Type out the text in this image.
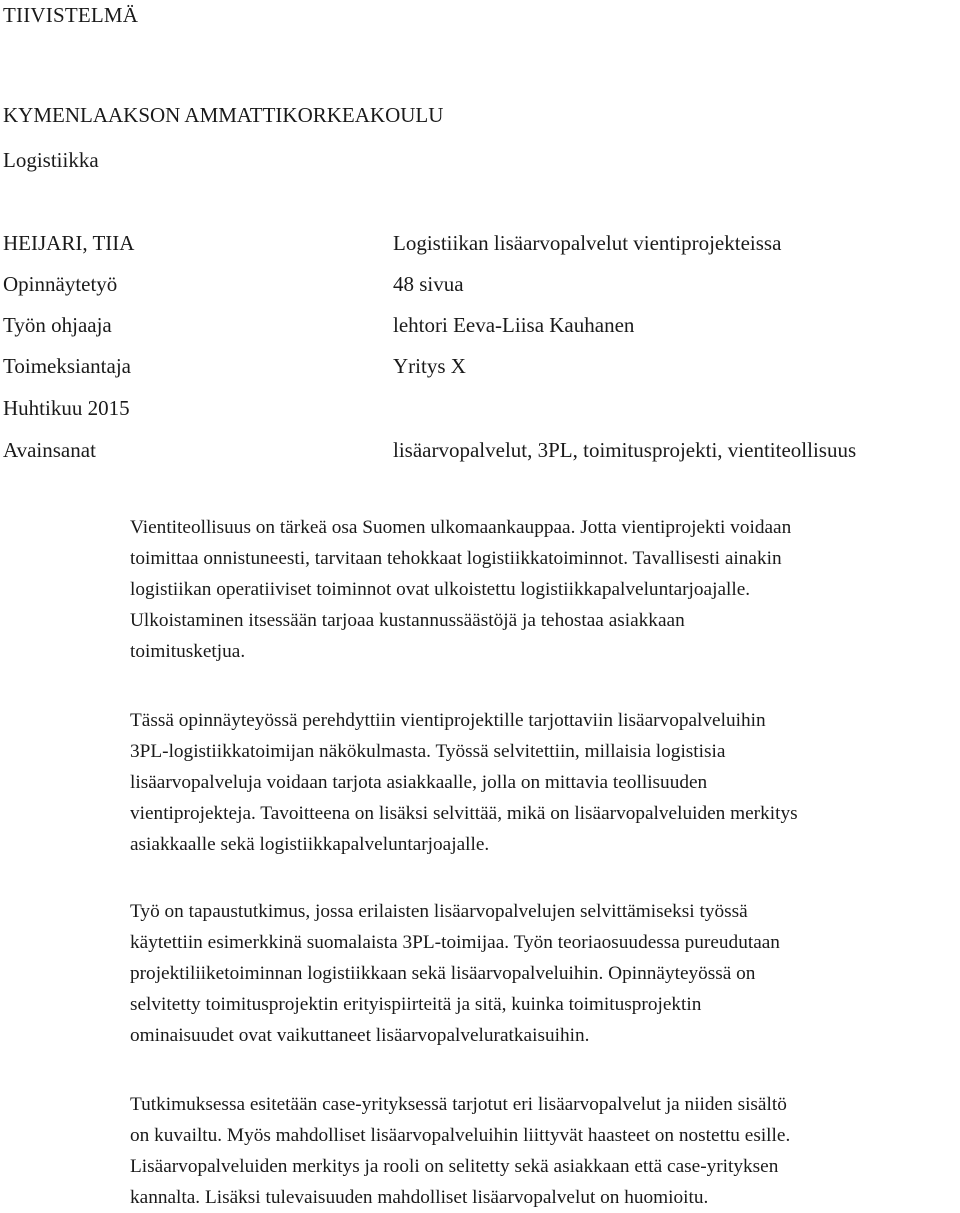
TIIVISTELMÄ
KYMENLAAKSON AMMATTIKORKEAKOULU
Logistiikka
HEIJARI, TIIA	Logistiikan lisäarvopalvelut vientiprojekteissa
Opinnäytetyö	48 sivua
Työn ohjaaja	lehtori Eeva-Liisa Kauhanen
Toimeksiantaja	Yritys X
Huhtikuu 2015
Avainsanat	lisäarvopalvelut, 3PL, toimitusprojekti, vientiteollisuus
Vientiteollisuus on tärkeä osa Suomen ulkomaankauppaa. Jotta vientiprojekti voidaan
toimittaa onnistuneesti, tarvitaan tehokkaat logistiikkatoiminnot. Tavallisesti ainakin
logistiikan operatiiviset toiminnot ovat ulkoistettu logistiikkapalveluntarjoajalle.
Ulkoistaminen itsessään tarjoaa kustannussäästöjä ja tehostaa asiakkaan
toimitusketjua.
Tässä opinnäyteyössä perehdyttiin vientiprojektille tarjottaviin lisäarvopalveluihin
3PL-logistiikkatoimijan näkökulmasta. Työssä selvitettiin, millaisia logistisia
lisäarvopalveluja voidaan tarjota asiakkaalle, jolla on mittavia teollisuuden
vientiprojekteja. Tavoitteena on lisäksi selvittää, mikä on lisäarvopalveluiden merkitys
asiakkaalle sekä logistiikkapalveluntarjoajalle.
Työ on tapaustutkimus, jossa erilaisten lisäarvopalvelujen selvittämiseksi työssä
käytettiin esimerkkinä suomalaista 3PL-toimijaa. Työn teoriaosuudessa pureudutaan
projektiliiketoiminnan logistiikkaan sekä lisäarvopalveluihin. Opinnäyteyössä on
selvitetty toimitusprojektin erityispiirteitä ja sitä, kuinka toimitusprojektin
ominaisuudet ovat vaikuttaneet lisäarvopalveluratkaisuihin.
Tutkimuksessa esitetään case-yrityksessä tarjotut eri lisäarvopalvelut ja niiden sisältö
on kuvailtu. Myös mahdolliset lisäarvopalveluihin liittyvät haasteet on nostettu esille.
Lisäarvopalveluiden merkitys ja rooli on selitetty sekä asiakkaan että case-yrityksen
kannalta. Lisäksi tulevaisuuden mahdolliset lisäarvopalvelut on huomioitu.
